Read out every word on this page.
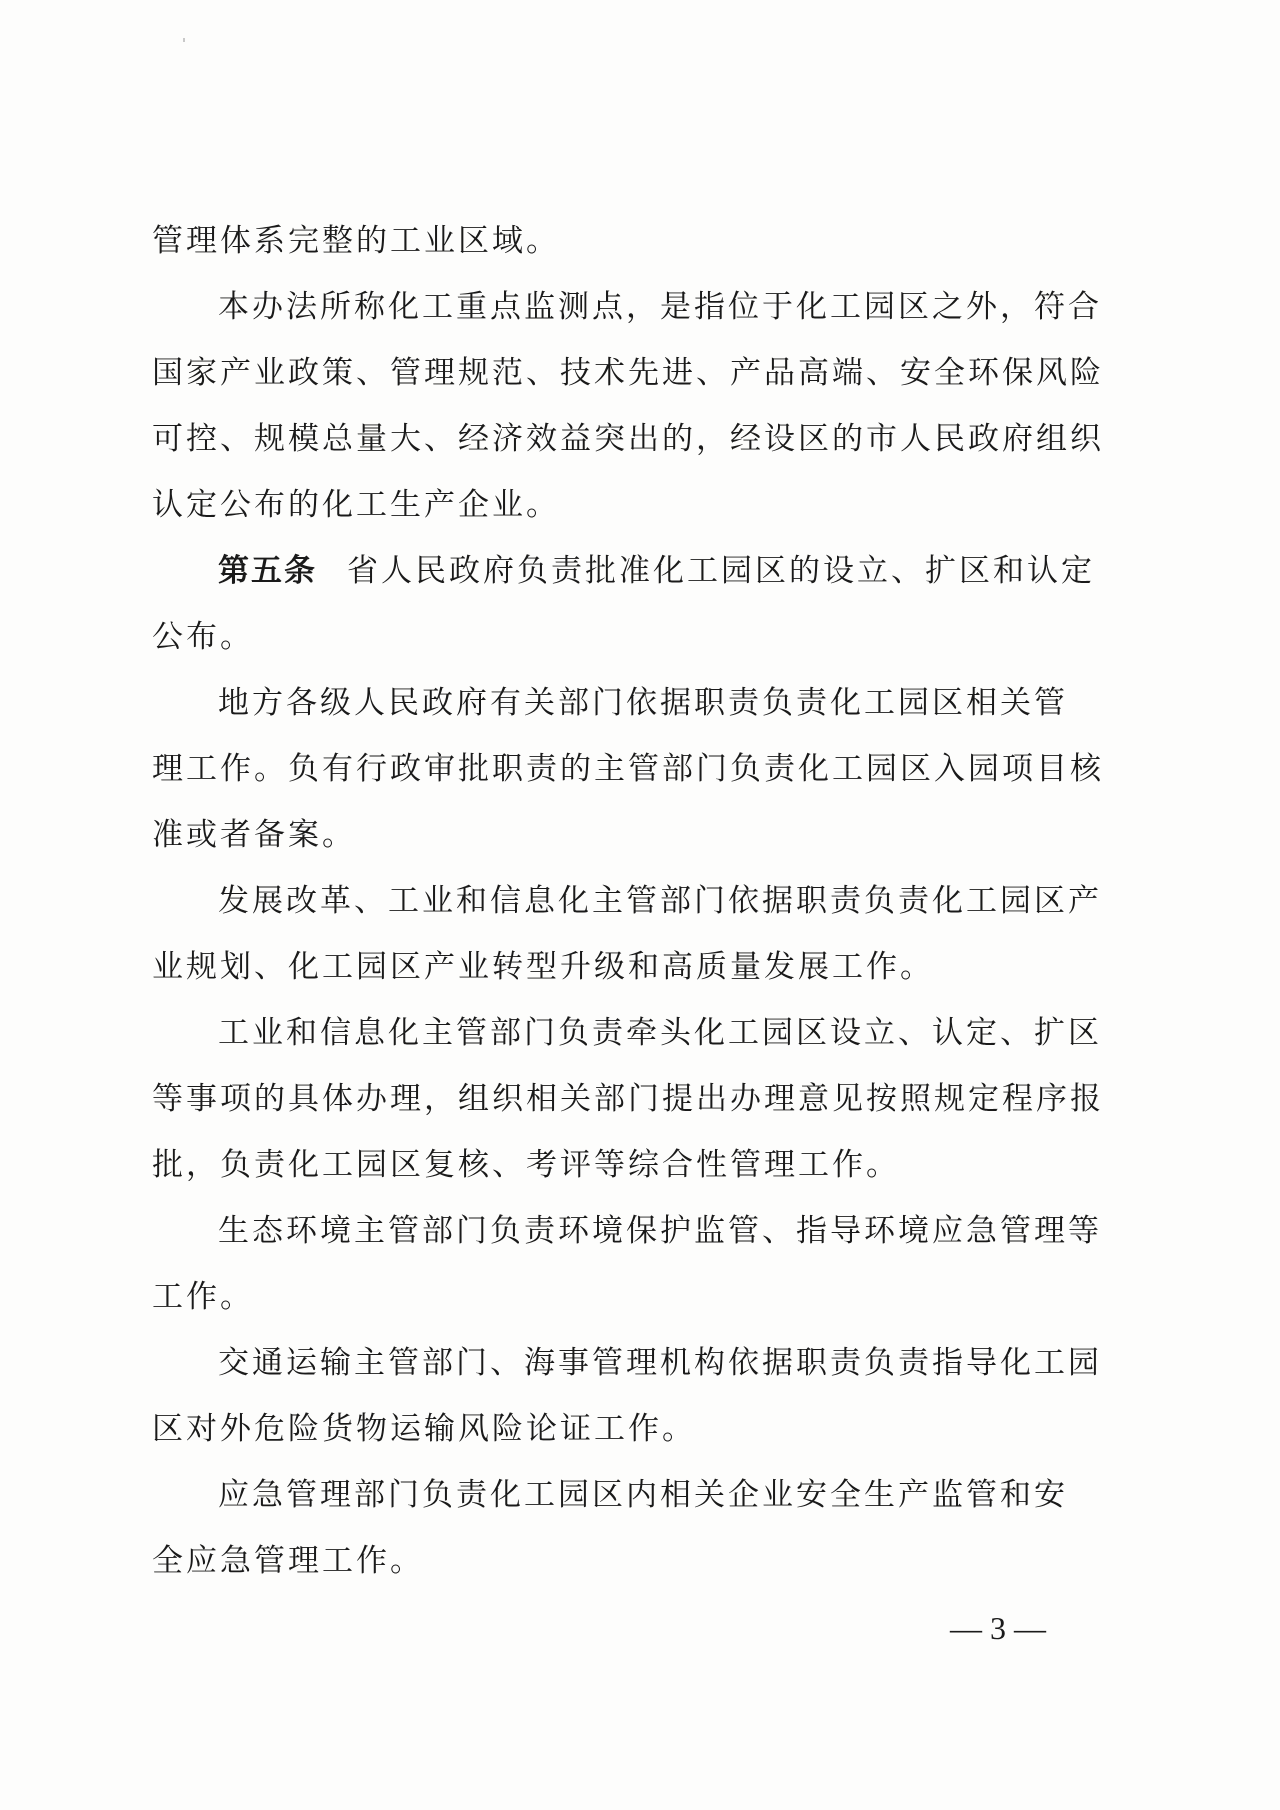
管理体系完整的工业区域。
本办法所称化工重点监测点，是指位于化工园区之外，符合
国家产业政策、管理规范、技术先进、产品高端、安全环保风险
可控、规模总量大、经济效益突出的，经设区的市人民政府组织
认定公布的化工生产企业。
第五条 省人民政府负责批准化工园区的设立、扩区和认定
公布。
地方各级人民政府有关部门依据职责负责化工园区相关管
理工作。负有行政审批职责的主管部门负责化工园区入园项目核
准或者备案。
发展改革、工业和信息化主管部门依据职责负责化工园区产
业规划、化工园区产业转型升级和高质量发展工作。
工业和信息化主管部门负责牵头化工园区设立、认定、扩区
等事项的具体办理，组织相关部门提出办理意见按照规定程序报
批，负责化工园区复核、考评等综合性管理工作。
生态环境主管部门负责环境保护监管、指导环境应急管理等
工作。
交通运输主管部门、海事管理机构依据职责负责指导化工园
区对外危险货物运输风险论证工作。
应急管理部门负责化工园区内相关企业安全生产监管和安
全应急管理工作。
— 3 —
